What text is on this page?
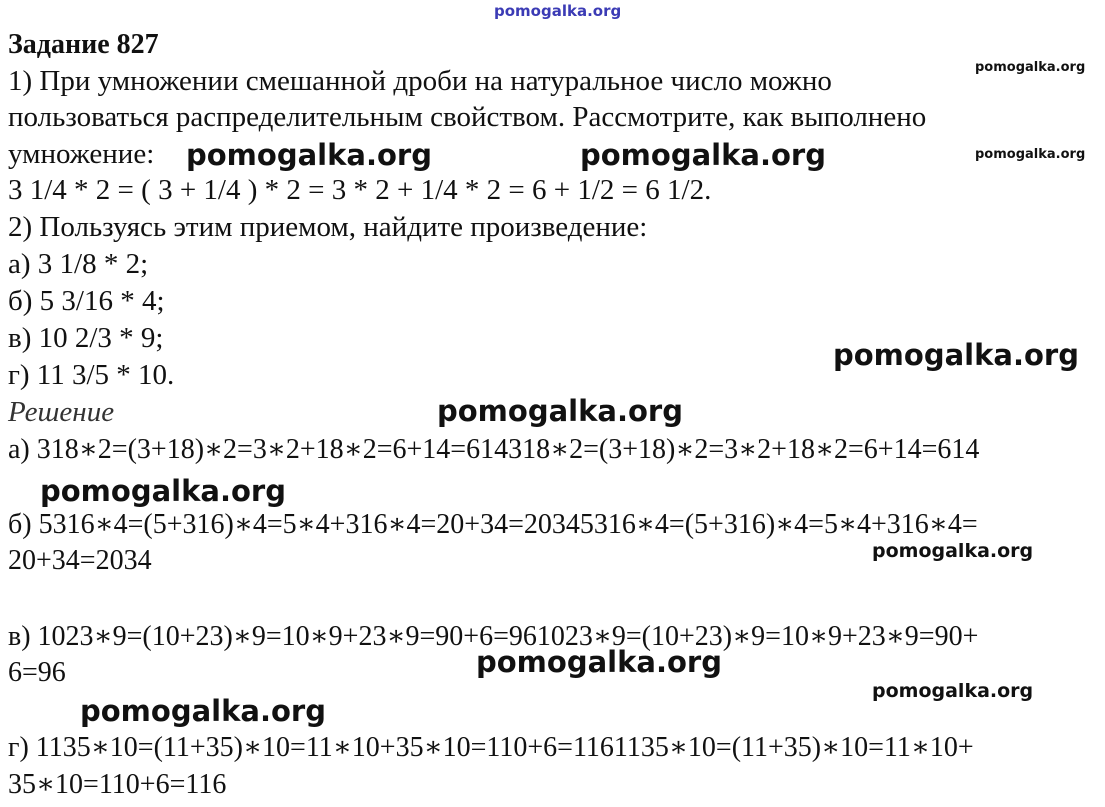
pomogalka.org
Задание 827
1) При умножении смешанной дроби на натуральное число можно
пользоваться распределительным свойством. Рассмотрите, как выполнено
умножение:
3 1/4 * 2 = ( 3 + 1/4 ) * 2 = 3 * 2 + 1/4 * 2 = 6 + 1/2 = 6 1/2.
2) Пользуясь этим приемом, найдите произведение:
а) 3 1/8 * 2;
б) 5 3/16 * 4;
в) 10 2/3 * 9;
г) 11 3/5 * 10.
Решение
а) 318∗2=(3+18)∗2=3∗2+18∗2=6+14=614318∗2=(3+18)∗2=3∗2+18∗2=6+14=614
б) 5316∗4=(5+316)∗4=5∗4+316∗4=20+34=20345316∗4=(5+316)∗4=5∗4+316∗4=
20+34=2034
в) 1023∗9=(10+23)∗9=10∗9+23∗9=90+6=961023∗9=(10+23)∗9=10∗9+23∗9=90+
6=96
г) 1135∗10=(11+35)∗10=11∗10+35∗10=110+6=1161135∗10=(11+35)∗10=11∗10+
35∗10=110+6=116
pomogalka.org
pomogalka.org
pomogalka.org	pomogalka.org
pomogalka.org
pomogalka.org
pomogalka.org
pomogalka.org
pomogalka.org
pomogalka.org
pomogalka.org
